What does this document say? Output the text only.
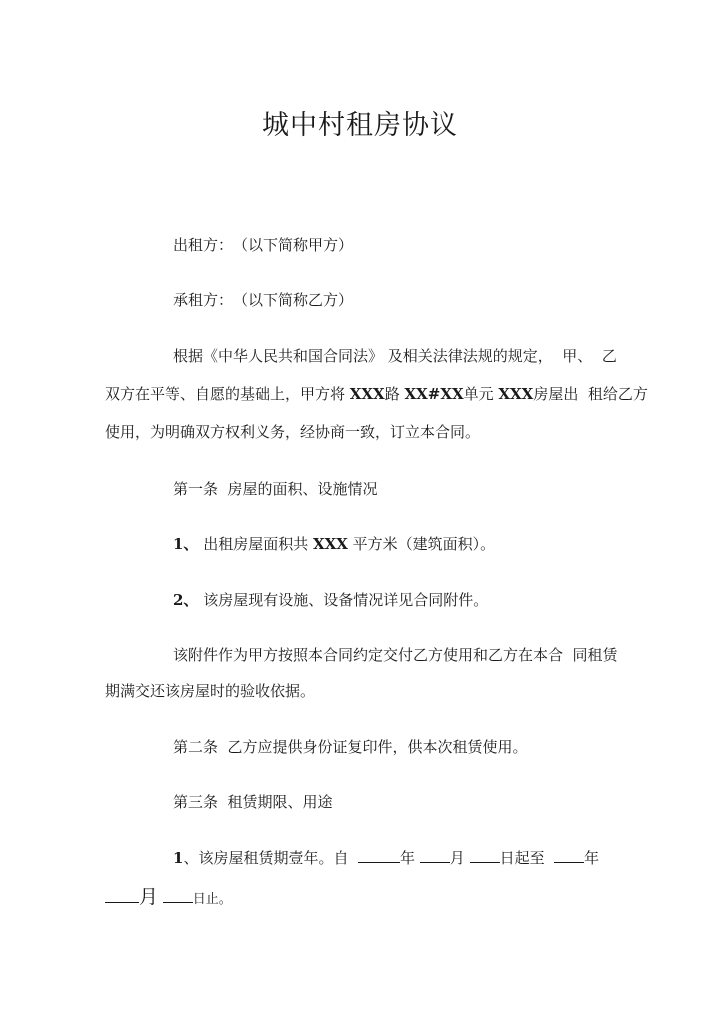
城中村租房协议
出租方：　（以下简称甲方）
承租方：　（以下简称乙方）
根据《中华人民共和国合同法》 及相关法律法规的规定，  甲、  乙
双方在平等、自愿的基础上，甲方将 XXX路 XX#XX单元 XXX房屋出  租给乙方
使用，为明确双方权利义务，经协商一致，订立本合同。
第一条  房屋的面积、设施情况
1、 出租房屋面积共 XXX 平方米（建筑面积）。
2、 该房屋现有设施、设备情况详见合同附件。
该附件作为甲方按照本合同约定交付乙方使用和乙方在本合  同租赁
期满交还该房屋时的验收依据。
第二条  乙方应提供身份证复印件，供本次租赁使用。
第三条  租赁期限、用途
1、该房屋租赁期壹年。自	年 月 日起至	年
月	日止。
